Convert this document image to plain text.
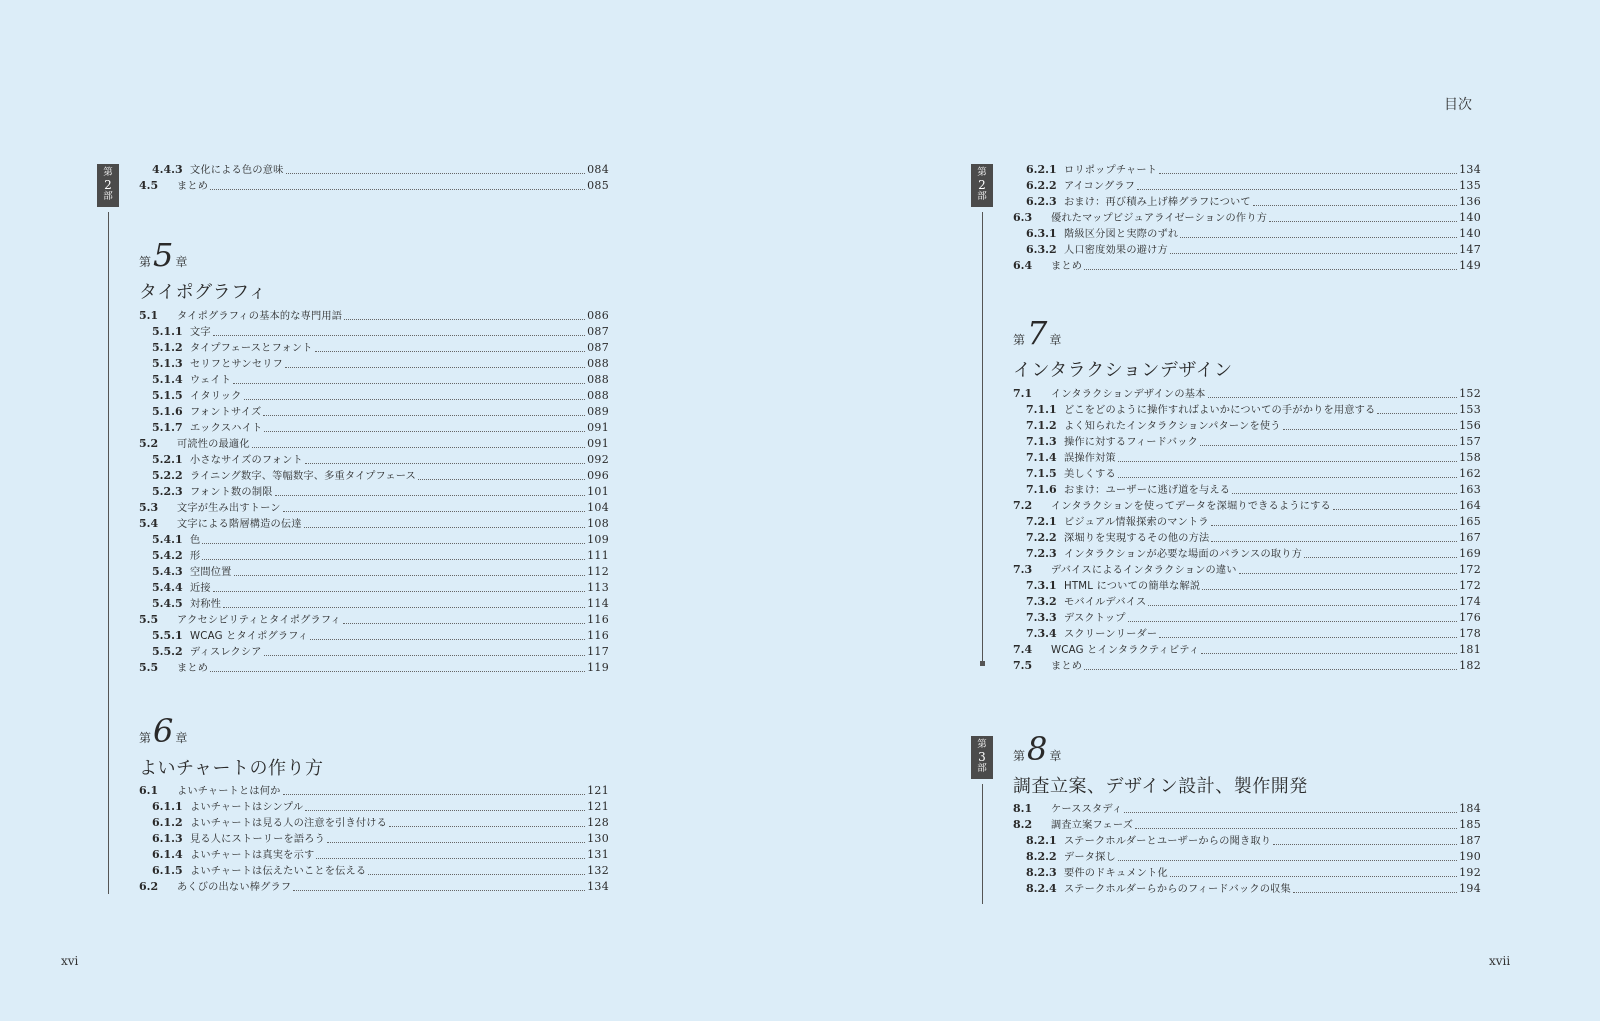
第
2
部
4.4.3 文化による色の意味	084
4.5	まとめ	085
第 5 章
タイポグラフィ
5.1	タイポグラフィの基本的な専門用語	086
5.1.1 文字	087
5.1.2 タイプフェースとフォント	087
5.1.3 セリフとサンセリフ	088
5.1.4 ウェイト	088
5.1.5 イタリック	088
5.1.6 フォントサイズ	089
5.1.7 エックスハイト	091
5.2	可読性の最適化	091
5.2.1 小さなサイズのフォント	092
5.2.2 ライニング数字、等幅数字、多重タイプフェース	096
5.2.3 フォント数の制限	101
5.3	文字が生み出すトーン	104
5.4	文字による階層構造の伝達	108
5.4.1 色	109
5.4.2 形	111
5.4.3 空間位置	112
5.4.4 近接	113
5.4.5 対称性	114
5.5	アクセシビリティとタイポグラフィ	116
5.5.1 WCAG とタイポグラフィ	116
5.5.2 ディスレクシア	117
5.5	まとめ	119
第 6 章
よいチャートの作り方
6.1	よいチャートとは何か	121
6.1.1 よいチャートはシンプル	121
6.1.2 よいチャートは見る人の注意を引き付ける	128
6.1.3 見る人にストーリーを語ろう	130
6.1.4 よいチャートは真実を示す	131
6.1.5 よいチャートは伝えたいことを伝える	132
6.2	あくびの出ない棒グラフ	134
xvi
目次
第
2
部
6.2.1 ロリポップチャート	134
6.2.2 アイコングラフ	135
6.2.3 おまけ：再び積み上げ棒グラフについて	136
6.3	優れたマップビジュアライゼーションの作り方	140
6.3.1 階級区分図と実際のずれ	140
6.3.2 人口密度効果の避け方	147
6.4	まとめ	149
第 7 章
インタラクションデザイン
7.1	インタラクションデザインの基本	152
7.1.1 どこをどのように操作すればよいかについての手がかりを用意する	153
7.1.2 よく知られたインタラクションパターンを使う	156
7.1.3 操作に対するフィードバック	157
7.1.4 誤操作対策	158
7.1.5 美しくする	162
7.1.6 おまけ：ユーザーに逃げ道を与える	163
7.2	インタラクションを使ってデータを深堀りできるようにする	164
7.2.1 ビジュアル情報探索のマントラ	165
7.2.2 深堀りを実現するその他の方法	167
7.2.3 インタラクションが必要な場面のバランスの取り方	169
7.3	デバイスによるインタラクションの違い	172
7.3.1 HTML についての簡単な解説	172
7.3.2 モバイルデバイス	174
7.3.3 デスクトップ	176
7.3.4 スクリーンリーダー	178
7.4	WCAG とインタラクティビティ	181
7.5	まとめ	182
第
3
部
第 8 章
調査立案、デザイン設計、製作開発
8.1	ケーススタディ	184
8.2	調査立案フェーズ	185
8.2.1 ステークホルダーとユーザーからの聞き取り	187
8.2.2 データ探し	190
8.2.3 要件のドキュメント化	192
8.2.4 ステークホルダーらからのフィードバックの収集	194
xvii
